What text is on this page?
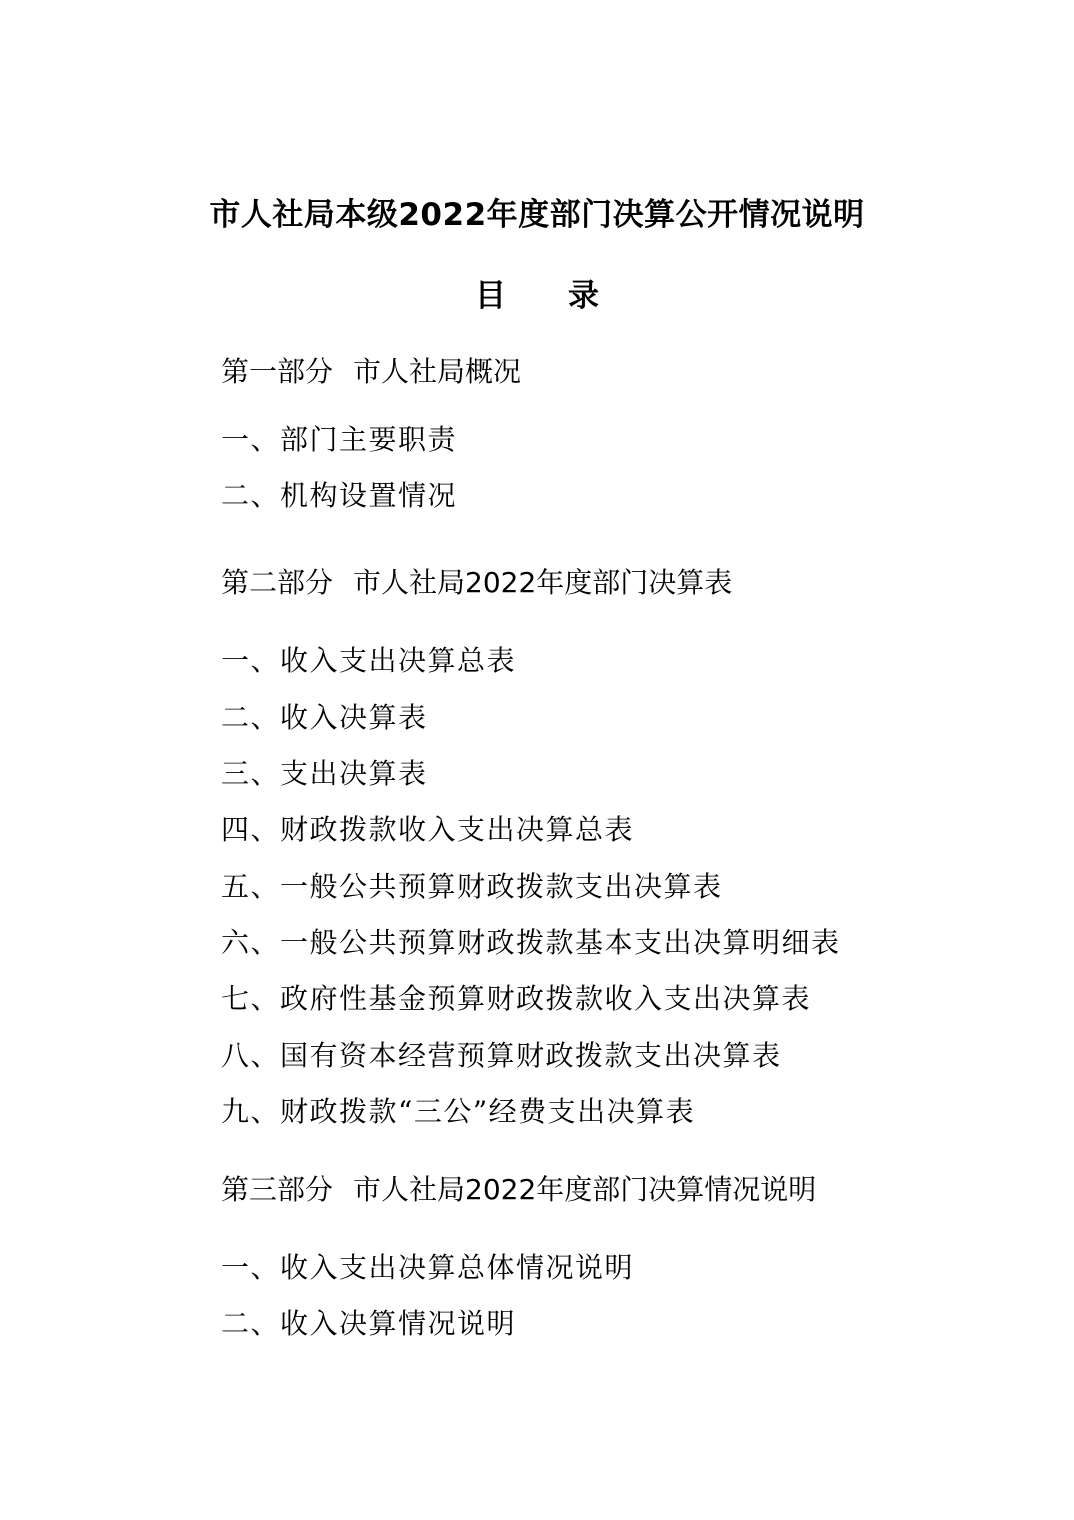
市人社局本级2022年度部门决算公开情况说明
目 录

第一部分 市人社局概况

一、部门主要职责

二、机构设置情况

第二部分 市人社局2022年度部门决算表

一、收入支出决算总表

二、收入决算表

三、支出决算表

四、财政拨款收入支出决算总表

五、一般公共预算财政拨款支出决算表

六、一般公共预算财政拨款基本支出决算明细表

七、政府性基金预算财政拨款收入支出决算表

八、国有资本经营预算财政拨款支出决算表

九、财政拨款“三公”经费支出决算表

第三部分 市人社局2022年度部门决算情况说明

一、收入支出决算总体情况说明

二、收入决算情况说明
